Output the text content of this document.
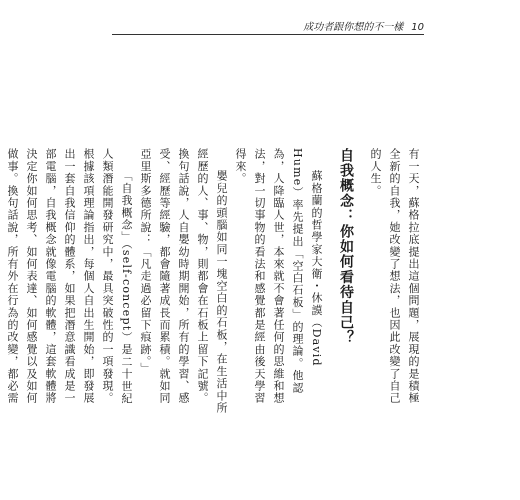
成功者跟你想的不一樣 10

有一天，蘇格拉底提出這個問題，展現的是積極全新的自我，她改變了想法，也因此改變了自己的人生。

自我概念：你如何看待自己？

蘇格蘭的哲學家大衛・休謨（David Hume）率先提出「空白石板」的理論。他認為，人降臨人世，本來就不會著任何的思維和想法，對一切事物的看法和感覺都是經由後天學習得來。

嬰兒的頭腦如同一塊空白的石板，在生活中所經歷的人、事、物，則都會在石板上留下記號。換句話說，人自嬰幼時期開始，所有的學習、感受、經歷等經驗，都會隨著成長而累積。就如同亞里斯多德所說：「凡走過必留下痕跡。」

「自我概念」（self-concept）是二十世紀人類潛能開發研究中，最具突破性的一項發現。根據該項理論指出，每個人自出生開始，即發展出一套自我信仰的體系，如果把潛意識看成是一部電腦，自我概念就像電腦的軟體，這套軟體將決定你如何思考、如何表達、如何感覺以及如何做事。換句話說，所有外在行為的改變，都必需
